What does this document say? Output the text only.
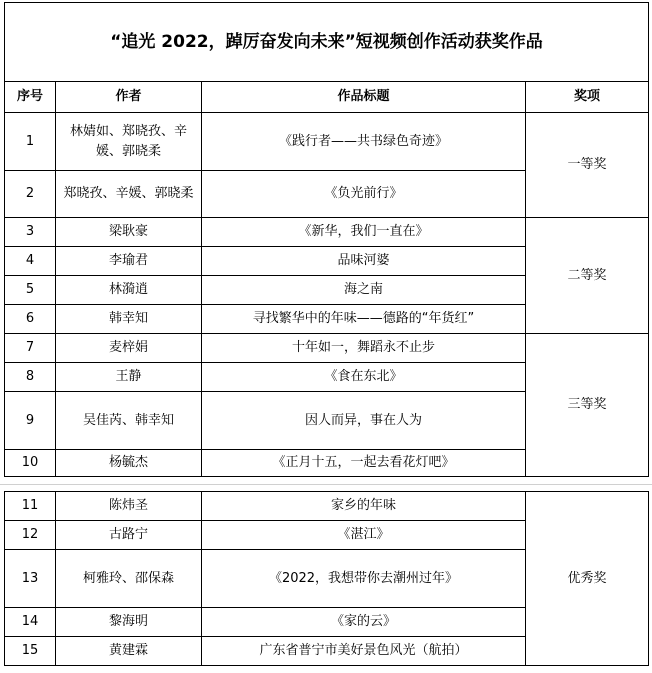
“追光 2022，踔厉奋发向未来”短视频创作活动获奖作品			
序号	作者	作品标题	奖项
1	林婧如、郑晓孜、辛媛、郭晓柔	《践行者——共书绿色奇迹》	一等奖
2	郑晓孜、辛媛、郭晓柔	《负光前行》	
3	梁耿豪	《新华，我们一直在》	二等奖
4	李瑜君	品味河婆	
5	林漪逍	海之南	
6	韩幸知	寻找繁华中的年味——德路的“年货红”	
7	麦梓娟	十年如一，舞蹈永不止步	三等奖
8	王静	《食在东北》	
9	吴佳芮、韩幸知	因人而异，事在人为	
10	杨毓杰	《正月十五，一起去看花灯吧》	
11	陈炜圣	家乡的年味	优秀奖
12	古路宁	《湛江》	
13	柯雅玲、邵保森	《2022，我想带你去潮州过年》	
14	黎海明	《家的云》	
15	黄建霖	广东省普宁市美好景色风光（航拍）	
